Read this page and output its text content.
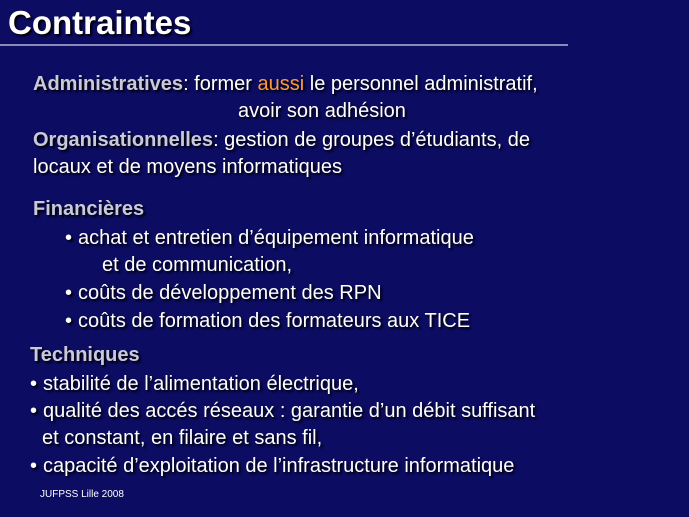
Contraintes
Administratives: former aussi le personnel administratif,
avoir son adhésion
Organisationnelles: gestion de groupes d’étudiants, de
locaux et de moyens informatiques
Financières
• achat et entretien d’équipement informatique
et de communication,
• coûts de développement des RPN
• coûts de formation des formateurs aux TICE
Techniques
• stabilité de l’alimentation électrique,
• qualité des accés réseaux : garantie d’un débit suffisant
et constant, en filaire et sans fil,
• capacité d’exploitation de l’infrastructure informatique
JUFPSS Lille 2008
